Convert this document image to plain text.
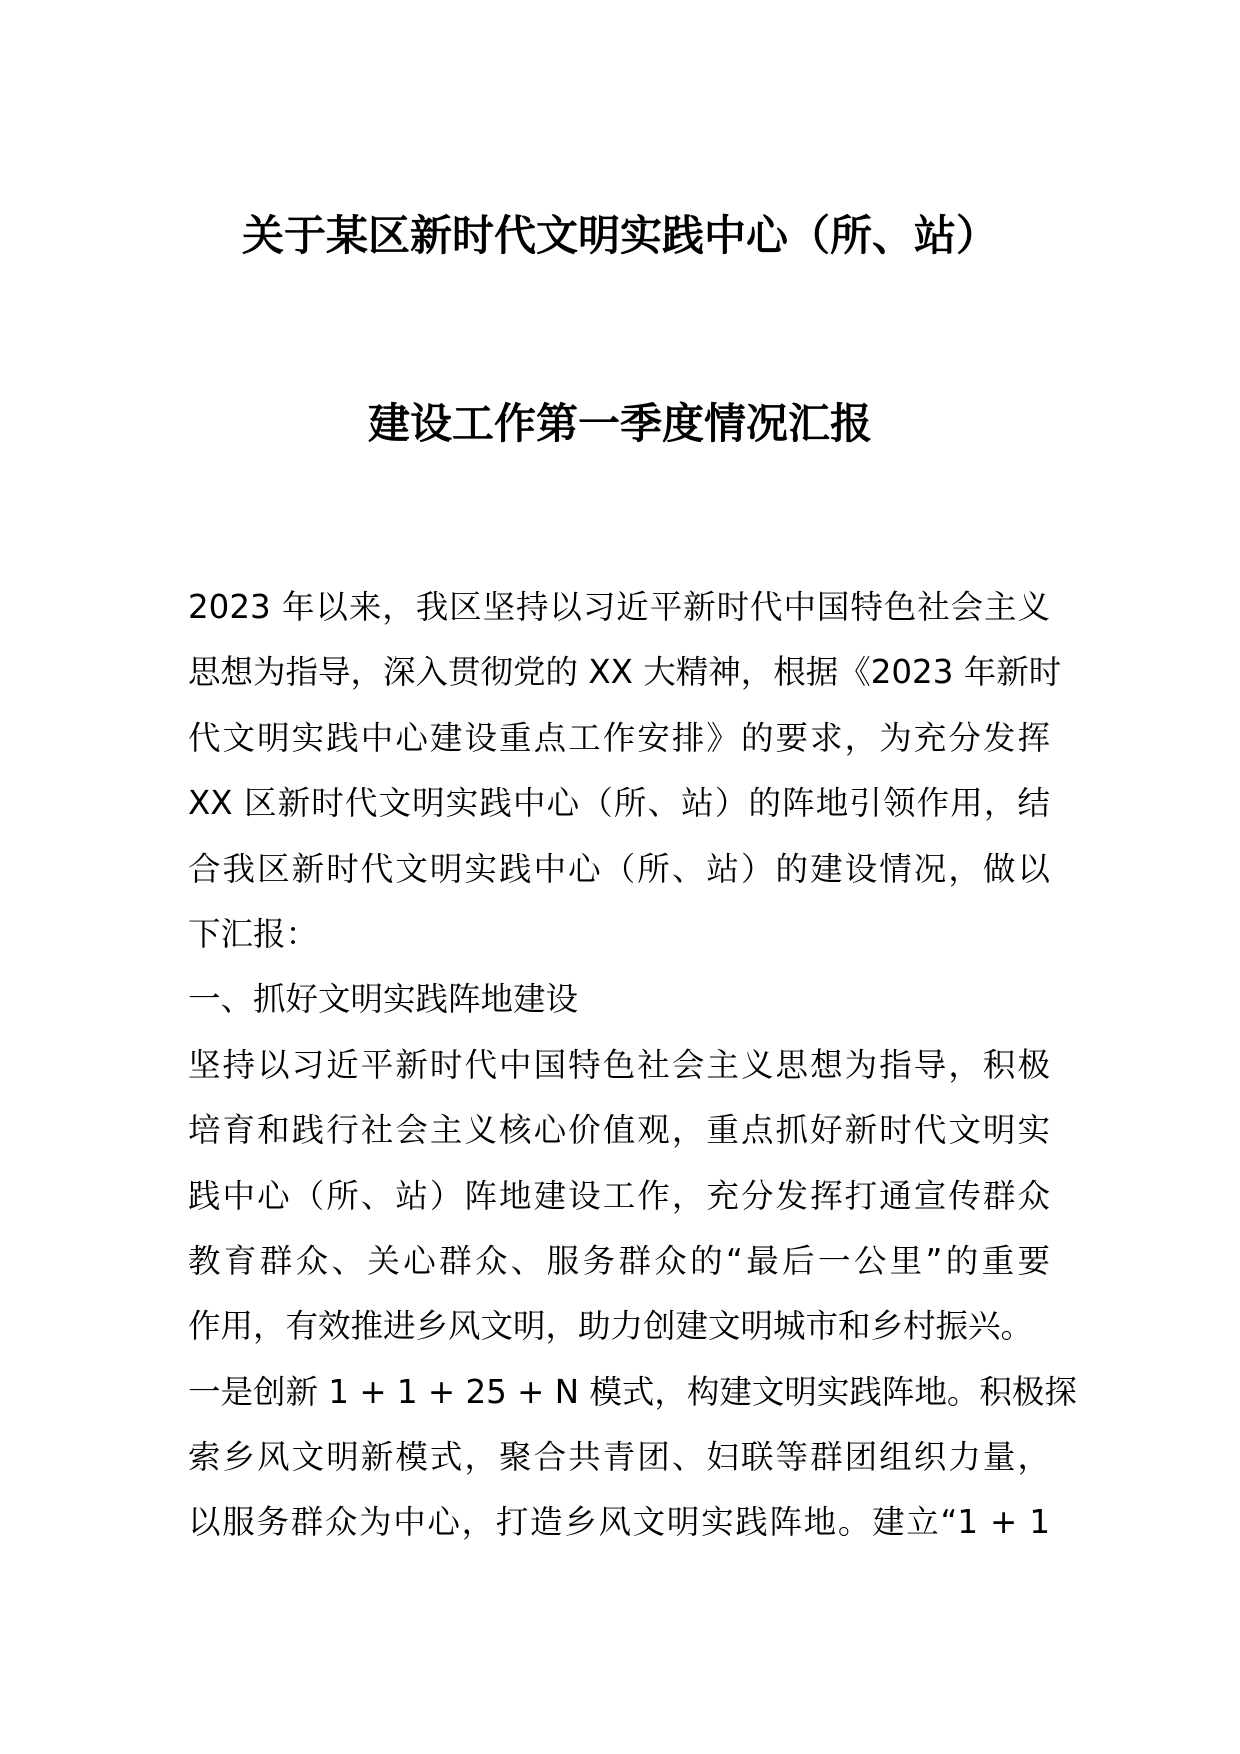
关于某区新时代文明实践中心（所、站）
建设工作第一季度情况汇报
2023 年以来，我区坚持以习近平新时代中国特色社会主义
思想为指导，深入贯彻党的 XX 大精神，根据《2023 年新时
代文明实践中心建设重点工作安排》的要求，为充分发挥
XX 区新时代文明实践中心（所、站）的阵地引领作用，结
合我区新时代文明实践中心（所、站）的建设情况，做以
下汇报：
一、抓好文明实践阵地建设
坚持以习近平新时代中国特色社会主义思想为指导，积极
培育和践行社会主义核心价值观，重点抓好新时代文明实
践中心（所、站）阵地建设工作，充分发挥打通宣传群众
教育群众、关心群众、服务群众的“最后一公里”的重要
作用，有效推进乡风文明，助力创建文明城市和乡村振兴。
一是创新 1 + 1 + 25 + N 模式，构建文明实践阵地。积极探
索乡风文明新模式，聚合共青团、妇联等群团组织力量，
以服务群众为中心，打造乡风文明实践阵地。建立“1 + 1
